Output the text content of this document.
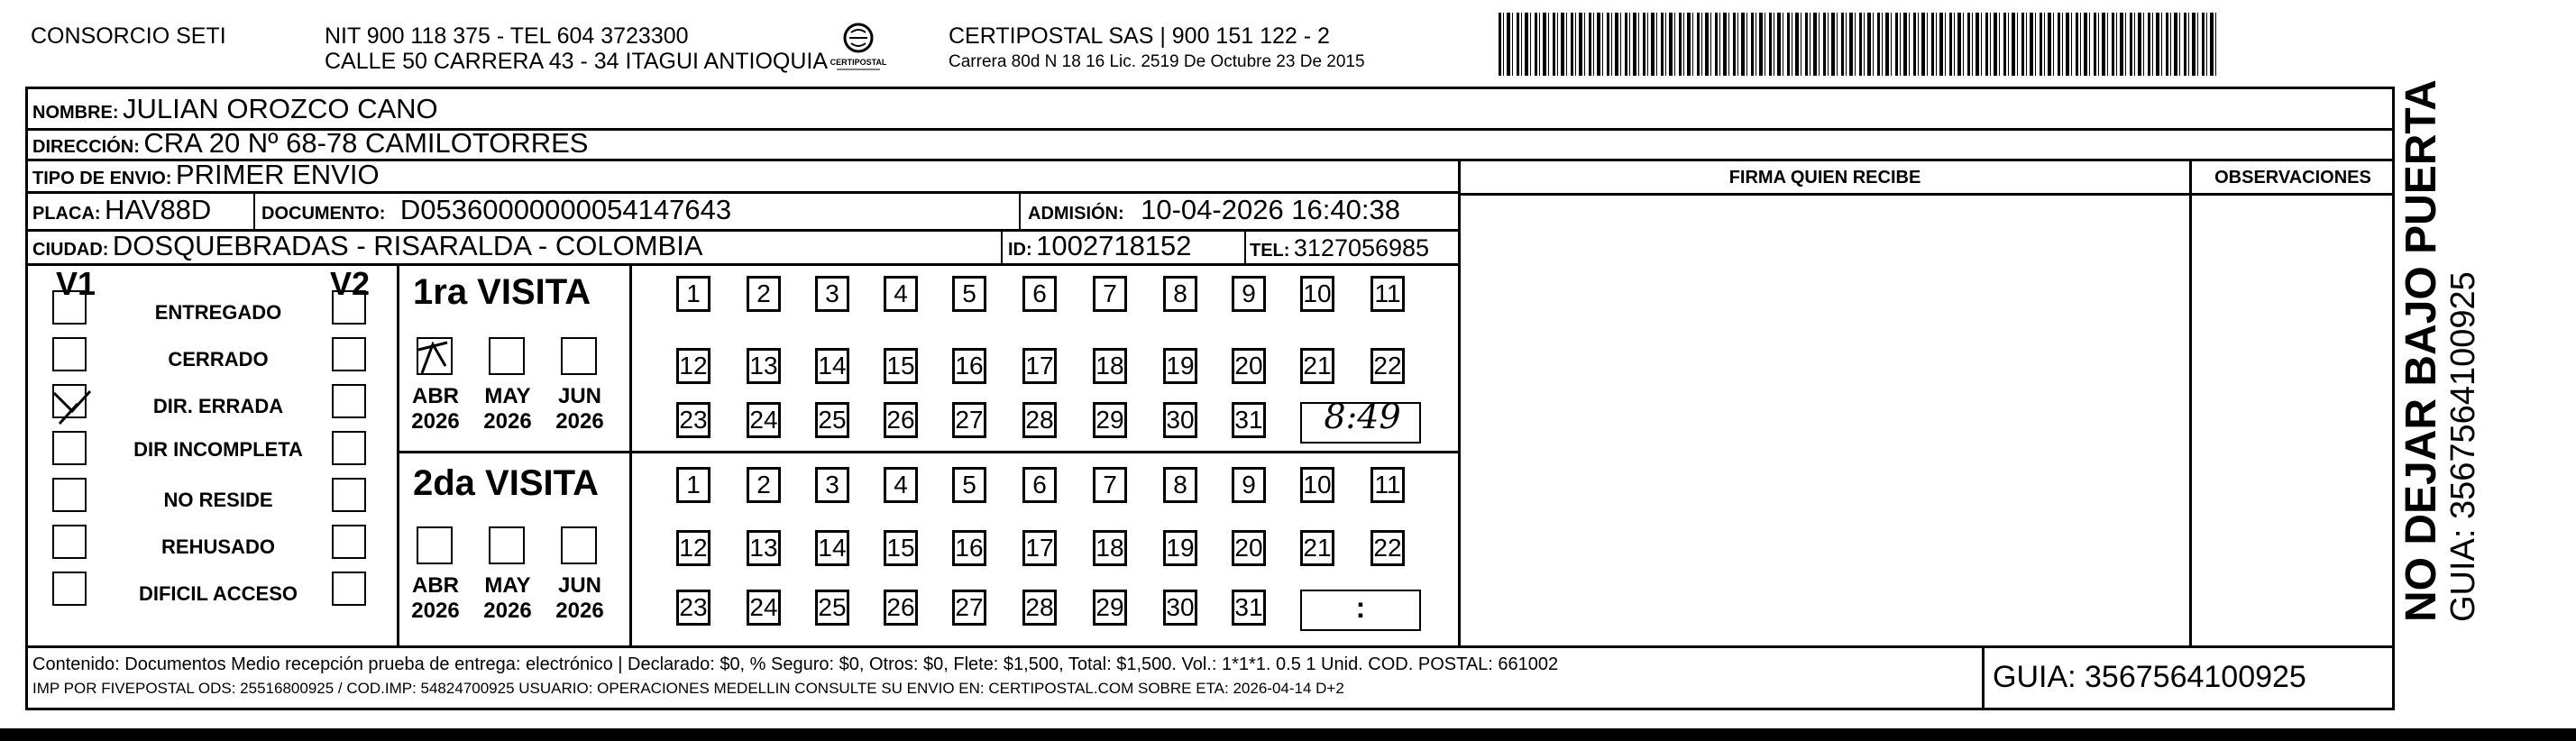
CONSORCIO SETI	NIT 900 118 375 - TEL 604 3723300
CALLE 50 CARRERA 43 - 34 ITAGUI ANTIOQUIA CERTIPOSTAL
CERTIPOSTAL SAS | 900 151 122 - 2
Carrera 80d N 18 16 Lic. 2519 De Octubre 23 De 2015
NOMBRE: JULIAN OROZCO CANO
DIRECCIÓN: CRA 20 Nº 68-78 CAMILOTORRES
TIPO DE ENVIO: PRIMER ENVIO
PLACA: HAV88D	DOCUMENTO: D05360000000054147643	ADMISIÓN: 10-04-2026 16:40:38
CIUDAD: DOSQUEBRADAS - RISARALDA - COLOMBIA	ID: 1002718152	TEL: 3127056985
FIRMA QUIEN RECIBE	OBSERVACIONES
V1	V2
ENTREGADO
CERRADO
DIR. ERRADA
DIR INCOMPLETA
NO RESIDE
REHUSADO
DIFICIL ACCESO
1ra VISITA
2da VISITA
ABR
2026
MAY
2026
JUN
2026
ABR
2026
MAY
2026
JUN
2026
1	2	3	4	5	6	7	8	9	10 11
12 13 14 15 16 17 18 19 20 21 22
23 24 25 26 27 28 29 30 31
1	2	3	4	5	6	7	8	9	10 11
12 13 14 15 16 17 18 19 20 21 22
23 24 25 26 27 28 29 30 31
8:49
:
Contenido: Documentos Medio recepción prueba de entrega: electrónico | Declarado: $0, % Seguro: $0, Otros: $0, Flete: $1,500, Total: $1,500. Vol.: 1*1*1. 0.5 1 Unid. COD. POSTAL: 661002
IMP POR FIVEPOSTAL ODS: 25516800925 / COD.IMP: 54824700925 USUARIO: OPERACIONES MEDELLIN CONSULTE SU ENVIO EN: CERTIPOSTAL.COM SOBRE ETA: 2026-04-14 D+2	GUIA: 3567564100925
NO DEJAR BAJO PUERTA GUIA: 3567564100925
